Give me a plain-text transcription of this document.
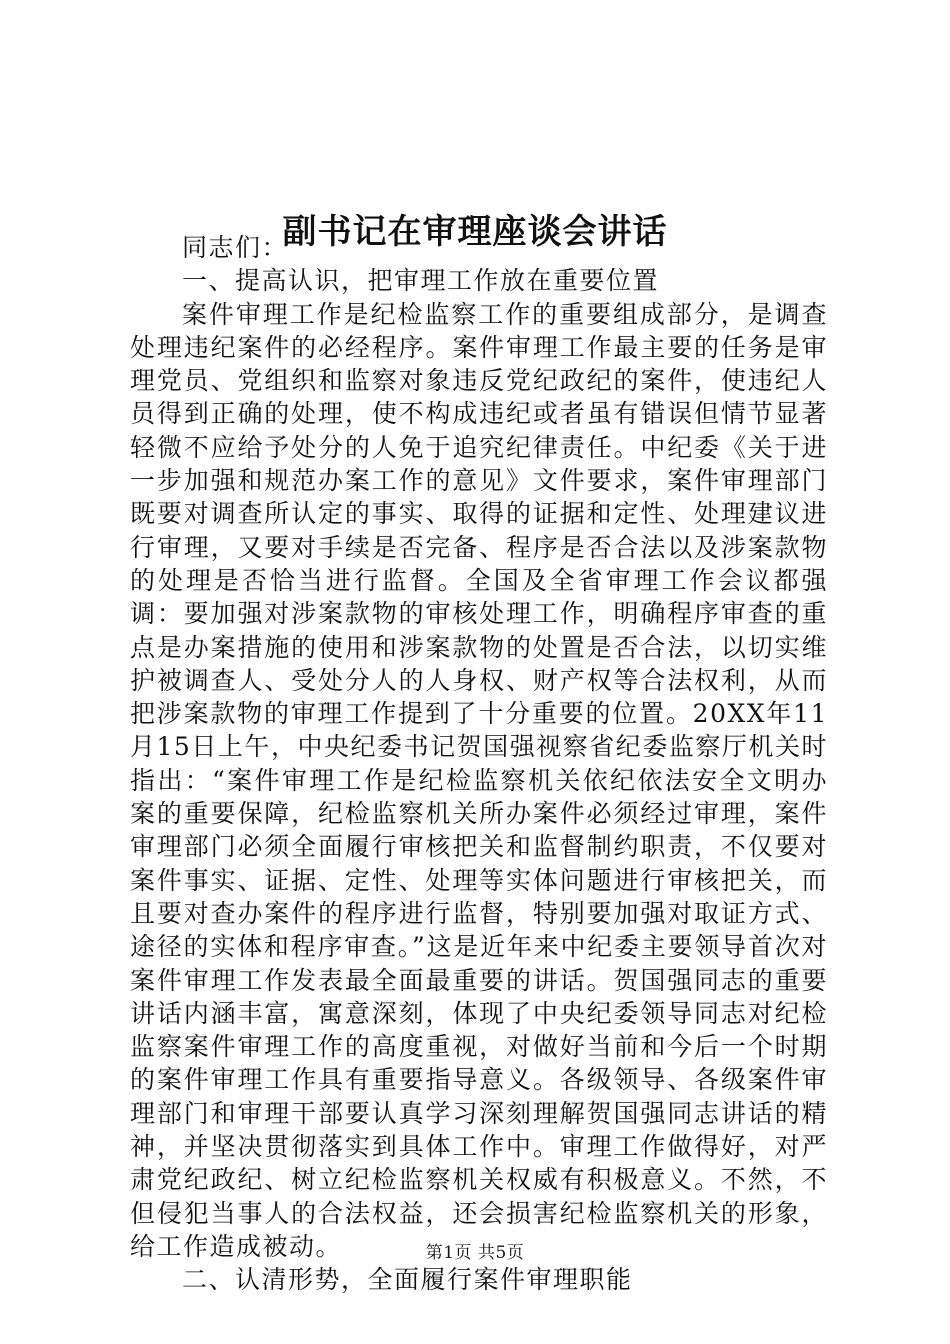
副书记在审理座谈会讲话

同志们：

一、提高认识，把审理工作放在重要位置

案件审理工作是纪检监察工作的重要组成部分，是调查处理违纪案件的必经程序。案件审理工作最主要的任务是审理党员、党组织和监察对象违反党纪政纪的案件，使违纪人员得到正确的处理，使不构成违纪或者虽有错误但情节显著轻微不应给予处分的人免于追究纪律责任。中纪委《关于进一步加强和规范办案工作的意见》文件要求，案件审理部门既要对调查所认定的事实、取得的证据和定性、处理建议进行审理，又要对手续是否完备、程序是否合法以及涉案款物的处理是否恰当进行监督。全国及全省审理工作会议都强调：要加强对涉案款物的审核处理工作，明确程序审查的重点是办案措施的使用和涉案款物的处置是否合法，以切实维护被调查人、受处分人的人身权、财产权等合法权利，从而把涉案款物的审理工作提到了十分重要的位置。20XX年11月15日上午，中央纪委书记贺国强视察省纪委监察厅机关时指出：“案件审理工作是纪检监察机关依纪依法安全文明办案的重要保障，纪检监察机关所办案件必须经过审理，案件审理部门必须全面履行审核把关和监督制约职责，不仅要对案件事实、证据、定性、处理等实体问题进行审核把关，而且要对查办案件的程序进行监督，特别要加强对取证方式、途径的实体和程序审查。”这是近年来中纪委主要领导首次对案件审理工作发表最全面最重要的讲话。贺国强同志的重要讲话内涵丰富，寓意深刻，体现了中央纪委领导同志对纪检监察案件审理工作的高度重视，对做好当前和今后一个时期的案件审理工作具有重要指导意义。各级领导、各级案件审理部门和审理干部要认真学习深刻理解贺国强同志讲话的精神，并坚决贯彻落实到具体工作中。审理工作做得好，对严肃党纪政纪、树立纪检监察机关权威有积极意义。不然，不但侵犯当事人的合法权益，还会损害纪检监察机关的形象，给工作造成被动。

二、认清形势，全面履行案件审理职能

第1页 共5页
